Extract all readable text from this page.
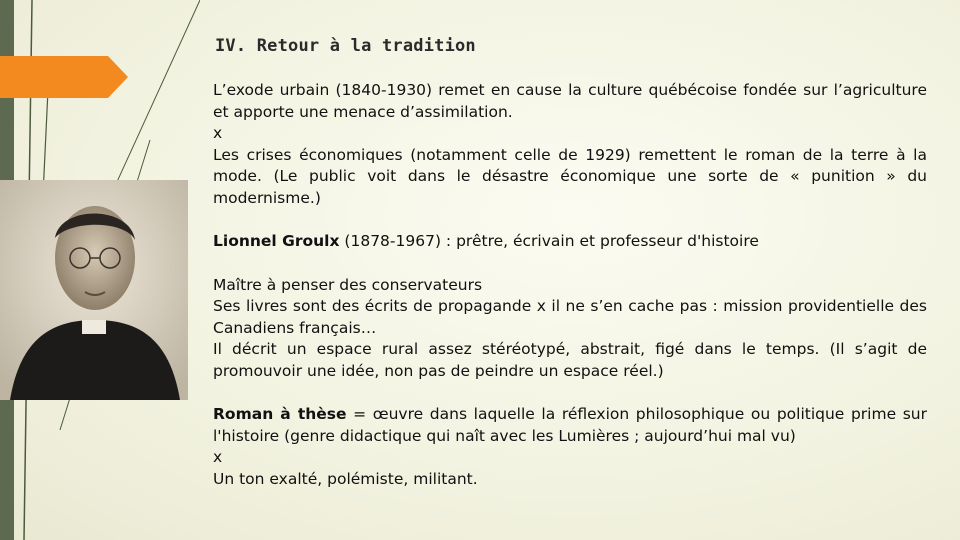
IV. Retour à la tradition
L’exode urbain (1840-1930) remet en cause la culture québécoise fondée sur l’agriculture et apporte une menace d’assimilation.
x
Les crises économiques (notamment celle de 1929) remettent le roman de la terre à la mode. (Le public voit dans le désastre économique une sorte de « punition » du modernisme.)
Lionnel Groulx (1878-1967) : prêtre, écrivain et professeur d'histoire
Maître à penser des conservateurs
Ses livres sont des écrits de propagande x il ne s’en cache pas : mission providentielle des Canadiens français…
Il décrit un espace rural assez stéréotypé, abstrait, figé dans le temps. (Il s’agit de promouvoir une idée, non pas de peindre un espace réel.)
Roman à thèse = œuvre dans laquelle la réflexion philosophique ou politique prime sur l'histoire (genre didactique qui naît avec les Lumières ; aujourd’hui mal vu)
x
Un ton exalté, polémiste, militant.
